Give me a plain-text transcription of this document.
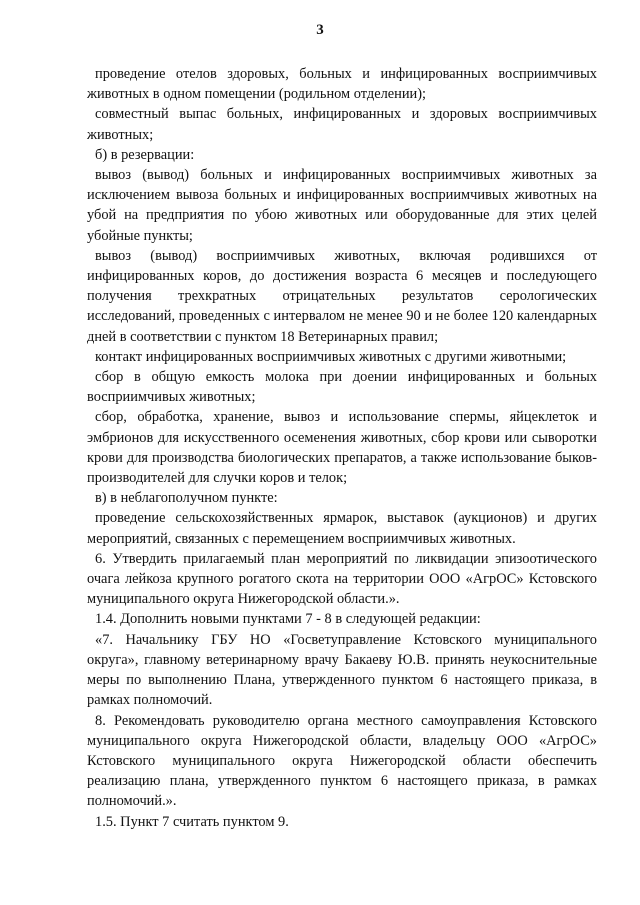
3

проведение отелов здоровых, больных и инфицированных восприимчивых животных в одном помещении (родильном отделении);

совместный выпас больных, инфицированных и здоровых восприимчивых животных;

б) в резервации:

вывоз (вывод) больных и инфицированных восприимчивых животных за исключением вывоза больных и инфицированных восприимчивых животных на убой на предприятия по убою животных или оборудованные для этих целей убойные пункты;

вывоз (вывод) восприимчивых животных, включая родившихся от инфицированных коров, до достижения возраста 6 месяцев и последующего получения трехкратных отрицательных результатов серологических исследований, проведенных с интервалом не менее 90 и не более 120 календарных дней в соответствии с пунктом 18 Ветеринарных правил;

контакт инфицированных восприимчивых животных с другими животными;

сбор в общую емкость молока при доении инфицированных и больных восприимчивых животных;

сбор, обработка, хранение, вывоз и использование спермы, яйцеклеток и эмбрионов для искусственного осеменения животных, сбор крови или сыворотки крови для производства биологических препаратов, а также использование быков-производителей для случки коров и телок;

в) в неблагополучном пункте:

проведение сельскохозяйственных ярмарок, выставок (аукционов) и других мероприятий, связанных с перемещением восприимчивых животных.

6. Утвердить прилагаемый план мероприятий по ликвидации эпизоотического очага лейкоза крупного рогатого скота на территории ООО «АгрОС» Кстовского муниципального округа Нижегородской области.».

1.4. Дополнить новыми пунктами 7 - 8 в следующей редакции:

«7. Начальнику ГБУ НО «Госветуправление Кстовского муниципального округа», главному ветеринарному врачу Бакаеву Ю.В. принять неукоснительные меры по выполнению Плана, утвержденного пунктом 6 настоящего приказа, в рамках полномочий.

8. Рекомендовать руководителю органа местного самоуправления Кстовского муниципального округа Нижегородской области, владельцу ООО «АгрОС» Кстовского муниципального округа Нижегородской области обеспечить реализацию плана, утвержденного пунктом 6 настоящего приказа, в рамках полномочий.».

1.5. Пункт 7 считать пунктом 9.
